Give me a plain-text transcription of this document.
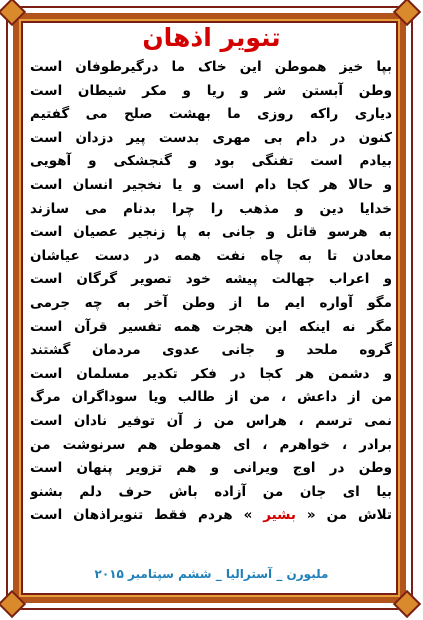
تنویر اذهان
بپا خیز هموطن این خاک ما درگیرطوفان است
وطن آبستن شر و ریا و مکر شیطان است
دیاری راکه روزی ما بهشت صلح می گفتیم
کنون در دام بی مهری بدست پیر دزدان است
بیادم است تفنگی بود و گنجشکی و آهویی
و حالا هر کجا دام است و یا نخجیر انسان است
خدایا دین و مذهب را چرا بدنام می سازند
به هرسو قاتل و جانی به پا زنجیر عصیان است
معادن تا به چاه نفت همه در دست عیاشان
و اعراب جهالت پیشه خود تصویر گرگان است
مگو آواره ایم ما از وطن آخر به چه جرمی
مگر نه اینکه این هجرت همه تفسیر قرآن است
گروه ملحد و جانی عدوی مردمان گشتند
و دشمن هر کجا در فکر تکدیر مسلمان است
من از داعش ، من از طالب ویا سوداگران مرگ
نمی ترسم ، هراس من ز آن توفیر نادان است
برادر ، خواهرم ، ای هموطن هم سرنوشت من
وطن در اوج ویرانی و هم تزویر پنهان است
بیا ای جان من آزاده باش حرف دلم بشنو
تلاش من « بشیر » هردم فقط تنویراذهان است
ملبورن _ آسترالیا _ ششم سپتامبر ۲۰۱۵
